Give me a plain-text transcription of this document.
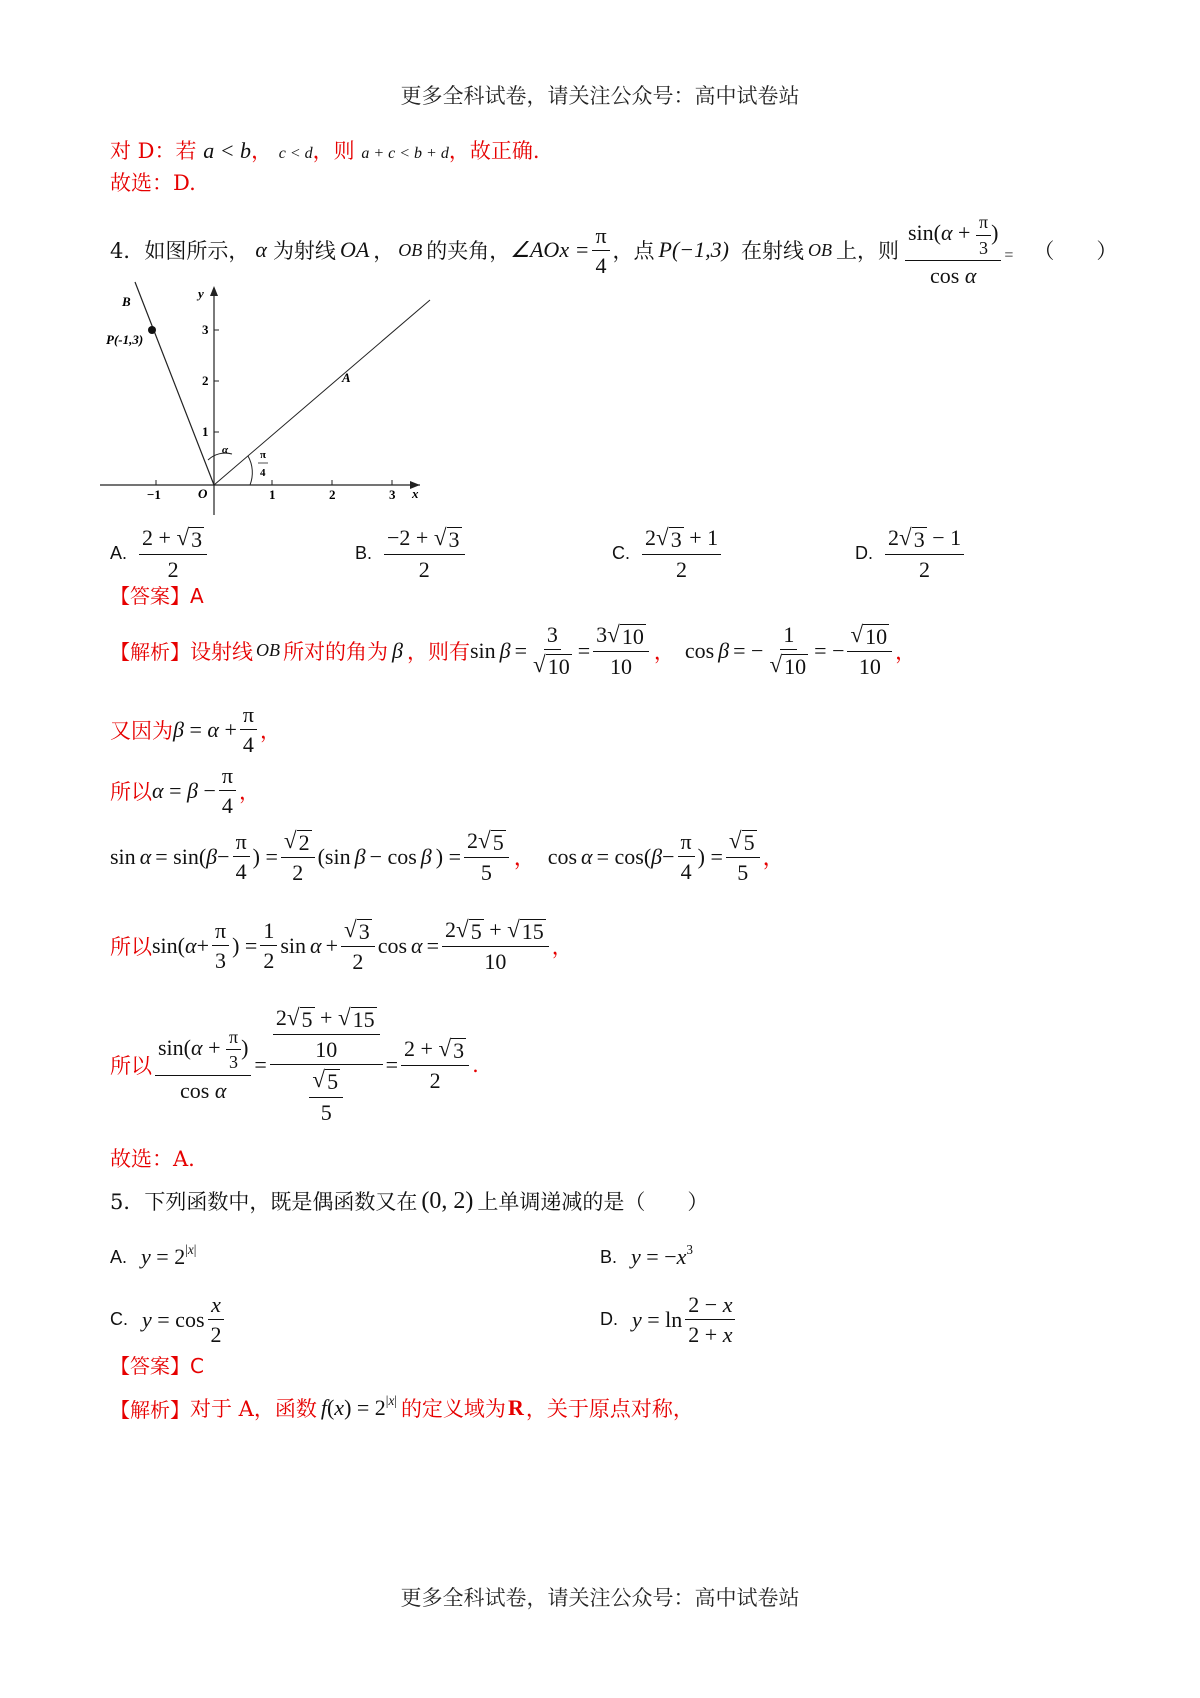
更多全科试卷，请关注公众号：高中试卷站
对 D：若 a < b， c < d，则 a + c < b + d，故正确.
故选：D.
4．如图所示， α 为射线 OA ， OB 的夹角， ∠AOx = $\frac{\pi}{4}$ ，点 P(−1,3) 在射线 OB 上，则 $\frac{\sin(\alpha + \frac{\pi}{3} )}{\text{cos α}}$ = （　　）
B
P(-1,3)
A
y
x
O
α	π
4
−1	1	2	3
1
2
3
A. $\frac{2 + √ 3}{2}$	B. $\frac{-2 + √ 3}{2}$	C. $\frac{2 √ 3 + 1}{2}$	D. $\frac{2 √ 3 - 1}{2}$
【答案】A
【解析】 设射线 OB 所对的角为 β ，则有 $\sin \beta = \frac{3}{√ 10} = \frac{3 √ 10}{10}$ ， cos β = − $\frac{1}{√ 10}$ = − $\frac{√ 10}{10}$ ，
又因为 $\beta = \alpha + \frac{\pi}{4}$ ，
所以 $\alpha = \beta - \frac{\pi}{4}$ ，
sin α = sin( $\beta - \frac{\pi}{4}$ ) = $\frac{√ 2}{2} (\sin$ β − cos β ) = $\frac{2 √ 5}{5}$ ， cos α = cos( $\beta - \frac{\pi}{4}$ ) = $\frac{√ 5}{5}$ ，
所以 sin( $\alpha + \frac{\pi}{3}$ ) = $\frac{1}{2}$ $\sin \alpha + \frac{√ 3}{2}$ $\cos \alpha = \frac{2 √ 5 + √ 15}{10}$ ，
所以 $\frac{\sin(\alpha + \frac{\pi}{3} )}{\text{cos α}} = \frac{\frac{2 √ 5 + √ 15}{10}}{\frac{√ 5}{5}} = \frac{2 + √ 3}{2}$ .
故选：A.
5．下列函数中，既是偶函数又在 (0, 2) 上单调递减的是（　　）
A. $y = 2^{|x|}$	B. $y = -x^3$
C. $y = \cos \frac{x}{2}$	D. $y = \ln \frac{2 - x}{2 + x}$
【答案】C
【解析】 对于 A，函数 $f(x) = 2^{|x|}$ 的定义域为 R ，关于原点对称，
更多全科试卷，请关注公众号：高中试卷站
